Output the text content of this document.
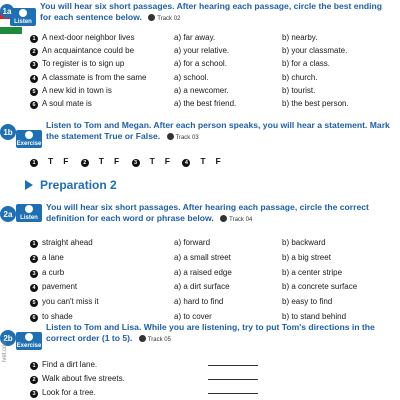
Listen
1a	You will hear six short passages. After hearing each passage, circle the best ending for each sentence below.	Track 02
1 A next-door neighbor lives	a) far away.	b) nearby.
2 An acquaintance could be	a) your relative.	b) your classmate.
3 To register is to sign up	a) for a school.	b) for a class.
4 A classmate is from the same	a) school.	b) church.
5 A new kid in town is	a) a newcomer.	b) tourist.
6 A soul mate is	a) the best friend.	b) the best person.
1b
Exercise
Listen to Tom and Megan. After each person speaks, you will hear a statement. Mark the statement True or False.	Track 03
1 T F	2 T F	3 T F	4 T F
Preparation 2
2a	Listen
You will hear six short passages. After hearing each passage, circle the correct definition for each word or phrase below.	Track 04
1 straight ahead	a) forward	b) backward
2 a lane	a) a small street	b) a big street
3 a curb	a) a raised edge	b) a center stripe
4 pavement	a) a dirt surface	b) a concrete surface
5 you can't miss it	a) hard to find	b) easy to find
6 to shade	a) to cover	b) to stand behind
2b
Exercise
Listen to Tom and Lisa. While you are listening, try to put Tom's directions in the correct order (1 to 5).	Track 05
1 Find a dirt lane.
2 Walk about five streets.
3 Look for a tree.
ivet.com
